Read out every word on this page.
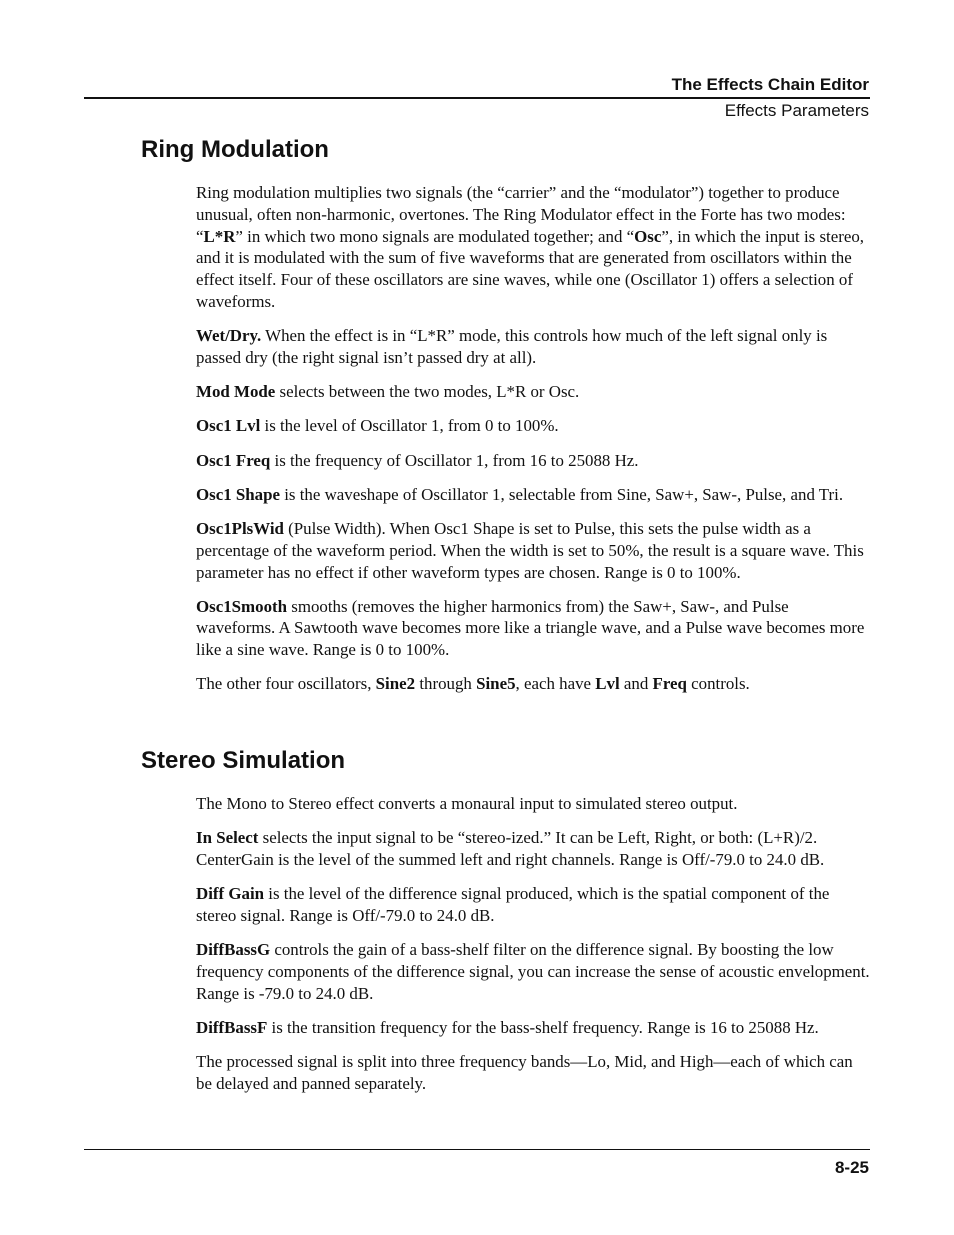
The Effects Chain Editor
Effects Parameters
Ring Modulation

Ring modulation multiplies two signals (the “carrier” and the “modulator”) together to produce unusual, often non-harmonic, overtones. The Ring Modulator effect in the Forte has two modes: “L*R” in which two mono signals are modulated together; and “Osc”, in which the input is stereo, and it is modulated with the sum of five waveforms that are generated from oscillators within the effect itself. Four of these oscillators are sine waves, while one (Oscillator 1) offers a selection of waveforms.

Wet/Dry. When the effect is in “L*R” mode, this controls how much of the left signal only is passed dry (the right signal isn’t passed dry at all).

Mod Mode selects between the two modes, L*R or Osc.

Osc1 Lvl is the level of Oscillator 1, from 0 to 100%.

Osc1 Freq is the frequency of Oscillator 1, from 16 to 25088 Hz.

Osc1 Shape is the waveshape of Oscillator 1, selectable from Sine, Saw+, Saw-, Pulse, and Tri.

Osc1PlsWid (Pulse Width). When Osc1 Shape is set to Pulse, this sets the pulse width as a percentage of the waveform period. When the width is set to 50%, the result is a square wave. This parameter has no effect if other waveform types are chosen. Range is 0 to 100%.

Osc1Smooth smooths (removes the higher harmonics from) the Saw+, Saw-, and Pulse waveforms. A Sawtooth wave becomes more like a triangle wave, and a Pulse wave becomes more like a sine wave. Range is 0 to 100%.

The other four oscillators, Sine2 through Sine5, each have Lvl and Freq controls.

Stereo Simulation

The Mono to Stereo effect converts a monaural input to simulated stereo output.

In Select selects the input signal to be “stereo-ized.” It can be Left, Right, or both: (L+R)/2. CenterGain is the level of the summed left and right channels. Range is Off/-79.0 to 24.0 dB.

Diff Gain is the level of the difference signal produced, which is the spatial component of the stereo signal. Range is Off/-79.0 to 24.0 dB.

DiffBassG controls the gain of a bass-shelf filter on the difference signal. By boosting the low frequency components of the difference signal, you can increase the sense of acoustic envelopment. Range is -79.0 to 24.0 dB.

DiffBassF is the transition frequency for the bass-shelf frequency. Range is 16 to 25088 Hz.

The processed signal is split into three frequency bands—Lo, Mid, and High—each of which can be delayed and panned separately.

8-25
